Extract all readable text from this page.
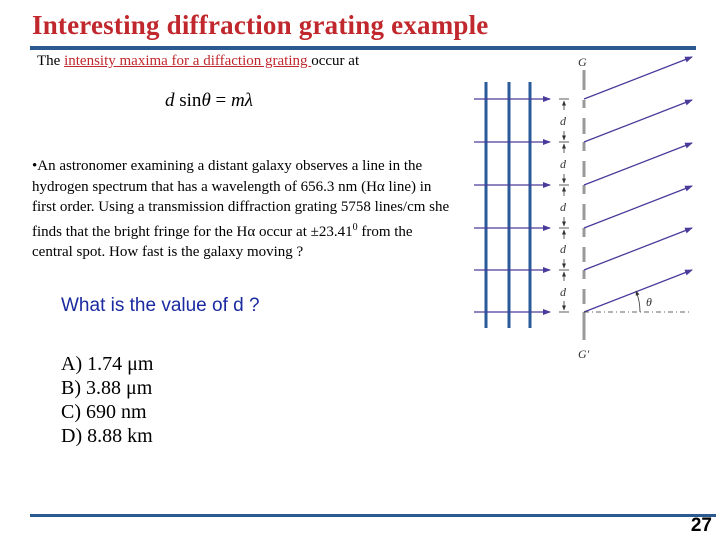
Interesting diffraction grating example
The intensity maxima for a diffaction grating occur at
d sinθ = mλ
•An astronomer examining a distant galaxy observes a line in the hydrogen spectrum that has a wavelength of 656.3 nm (Hα line) in first order. Using a transmission diffraction grating 5758 lines/cm she finds that the bright fringe for the Hα occur at $\pm 23.41^0$ from the central spot. How fast is the galaxy moving ?
What is the value of d ?
A) 1.74 μm
B) 3.88 μm
C) 690 nm
D) 8.88 km
d
d
d
d
d
θ
G
G′
27
